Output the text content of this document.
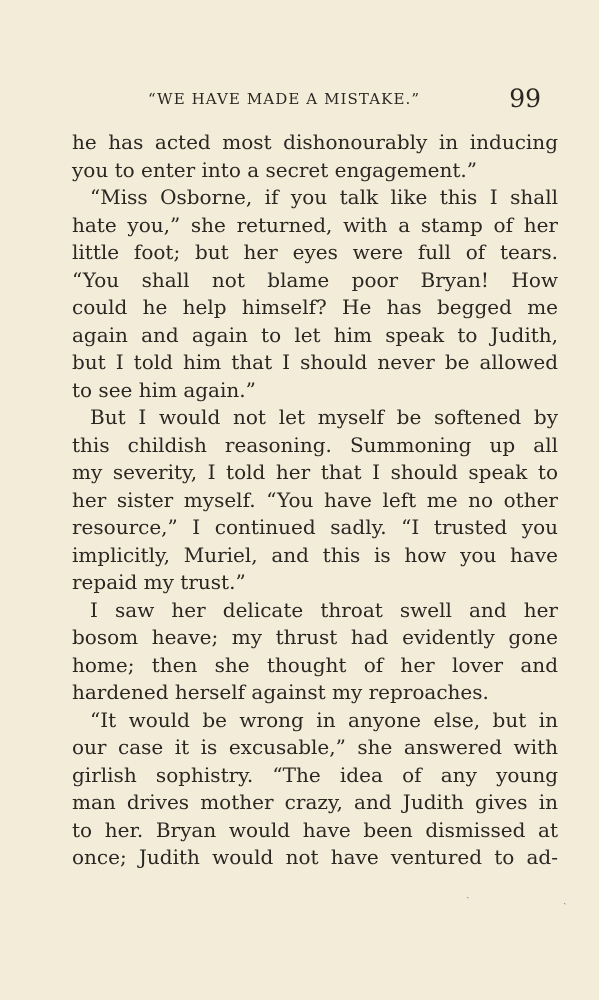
“WE HAVE MADE A MISTAKE.”	99
he has acted most dishonourably in inducing
you to enter into a secret engagement.”
“Miss Osborne, if you talk like this I shall
hate you,” she returned, with a stamp of her
little foot; but her eyes were full of tears.
“You shall not blame poor Bryan! How
could he help himself? He has begged me
again and again to let him speak to Judith,
but I told him that I should never be allowed
to see him again.”
But I would not let myself be softened by
this childish reasoning. Summoning up all
my severity, I told her that I should speak to
her sister myself. “You have left me no other
resource,” I continued sadly. “I trusted you
implicitly, Muriel, and this is how you have
repaid my trust.”
I saw her delicate throat swell and her
bosom heave; my thrust had evidently gone
home; then she thought of her lover and
hardened herself against my reproaches.
“It would be wrong in anyone else, but in
our case it is excusable,” she answered with
girlish sophistry. “The idea of any young
man drives mother crazy, and Judith gives in
to her. Bryan would have been dismissed at
once; Judith would not have ventured to ad-
ˎ	ˏ
